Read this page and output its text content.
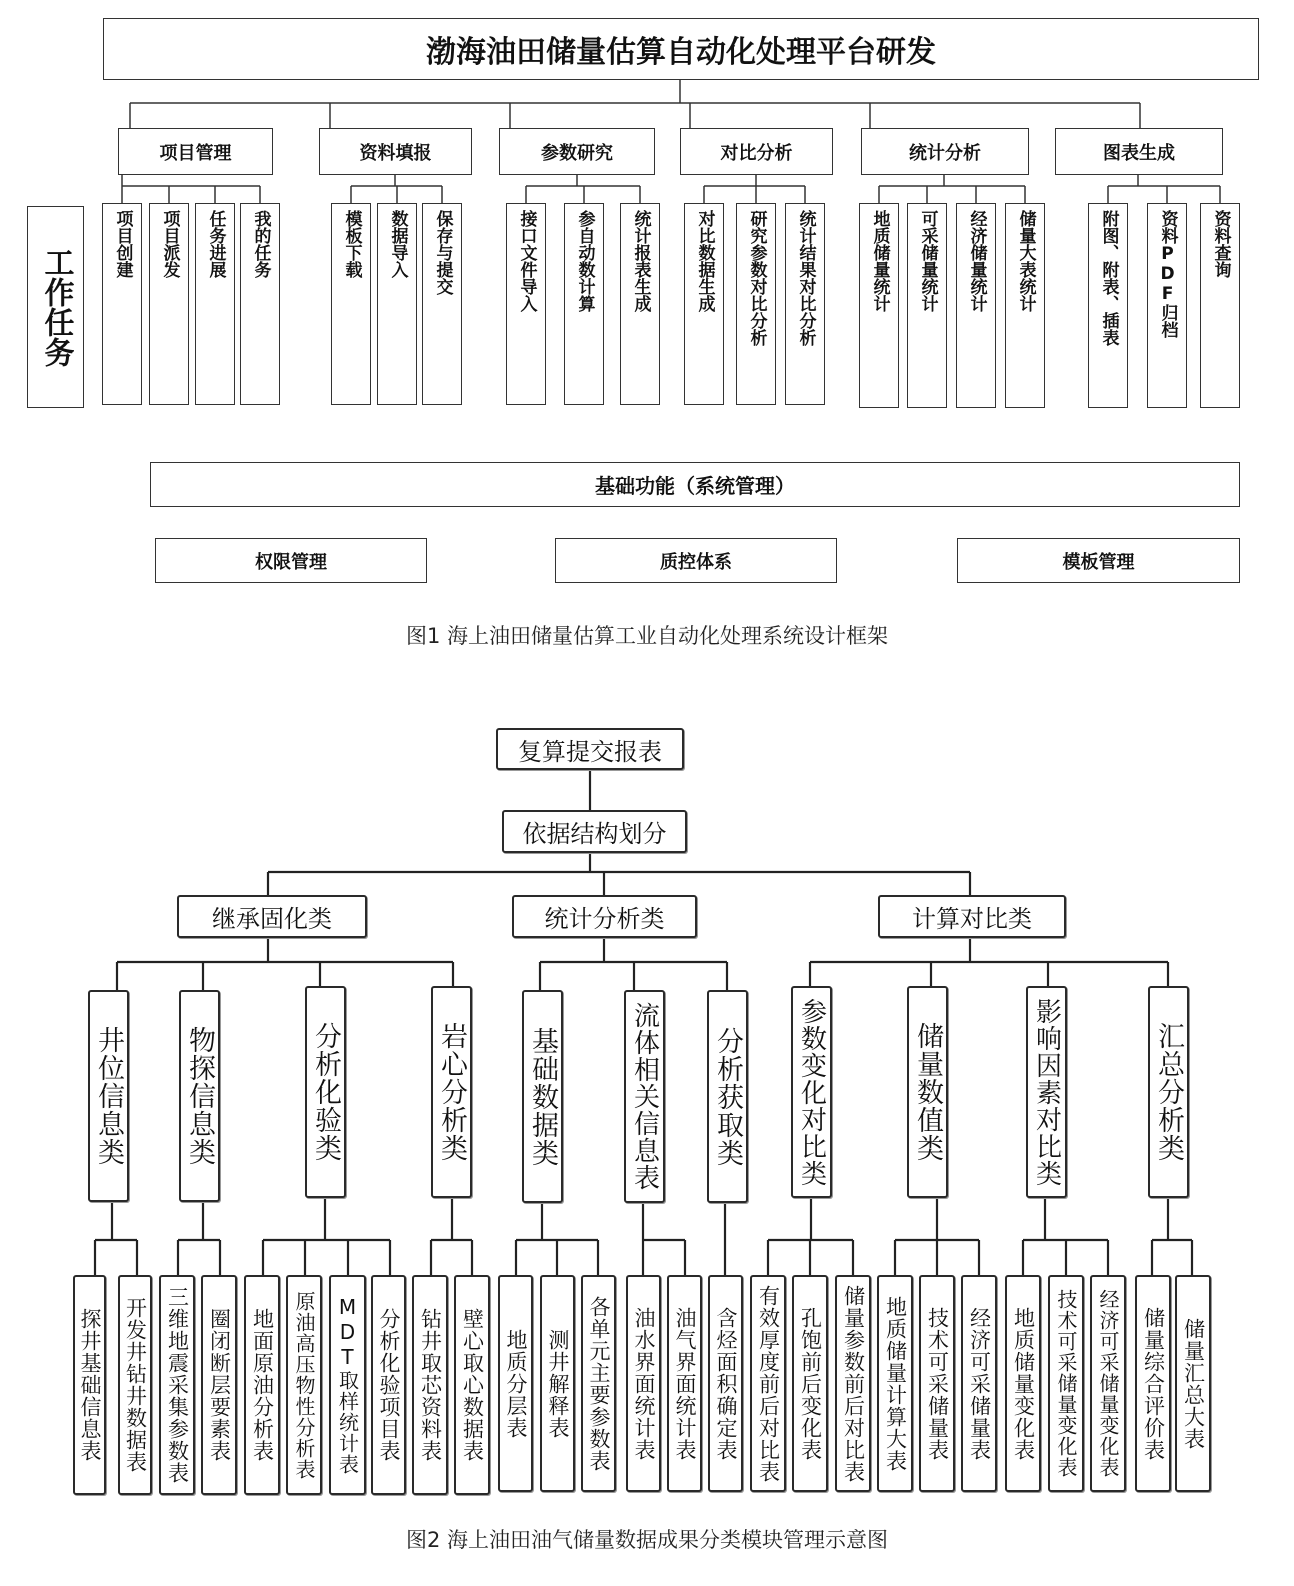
渤海油田储量估算自动化处理平台研发
工作任务
项目管理	资料填报	参数研究	对比分析	统计分析	图表生成
项目创建 项目派发 任务进展 我的任务	模板下载 数据导入 保存与提交	接口文件导入 参自动数计算 统计报表生成	对比数据生成 研究参数对比分析 统计结果对比分析	地质储量统计 可采储量统计 经济储量统计 储量大表统计	附图、附表、插表 资料PDF归档 资料查询
基础功能（系统管理）
权限管理	质控体系	模板管理
图1 海上油田储量估算工业自动化处理系统设计框架
复算提交报表
依据结构划分
继承固化类	统计分析类	计算对比类
井位信息类 物探信息类	分析化验类	岩心分析类 基础数据类	流体相关信息表 分析获取类 参数变化对比类	储量数值类	影响因素对比类	汇总分析类
探井基础信息表 开发井钻井数据表 三维地震采集参数表 圈闭断层要素表 地面原油分析表 原油高压物性分析表 MDT取样统计表 分析化验项目表 钻井取芯资料表 壁心取心数据表 地质分层表 测井解释表 各单元主要参数表 油水界面统计表 油气界面统计表 含烃面积确定表 有效厚度前后对比表 孔饱前后变化表 储量参数前后对比表 地质储量计算大表 技术可采储量表 经济可采储量表 地质储量变化表 技术可采储量变化表 经济可采储量变化表 储量综合评价表 储量汇总大表
图2 海上油田油气储量数据成果分类模块管理示意图
